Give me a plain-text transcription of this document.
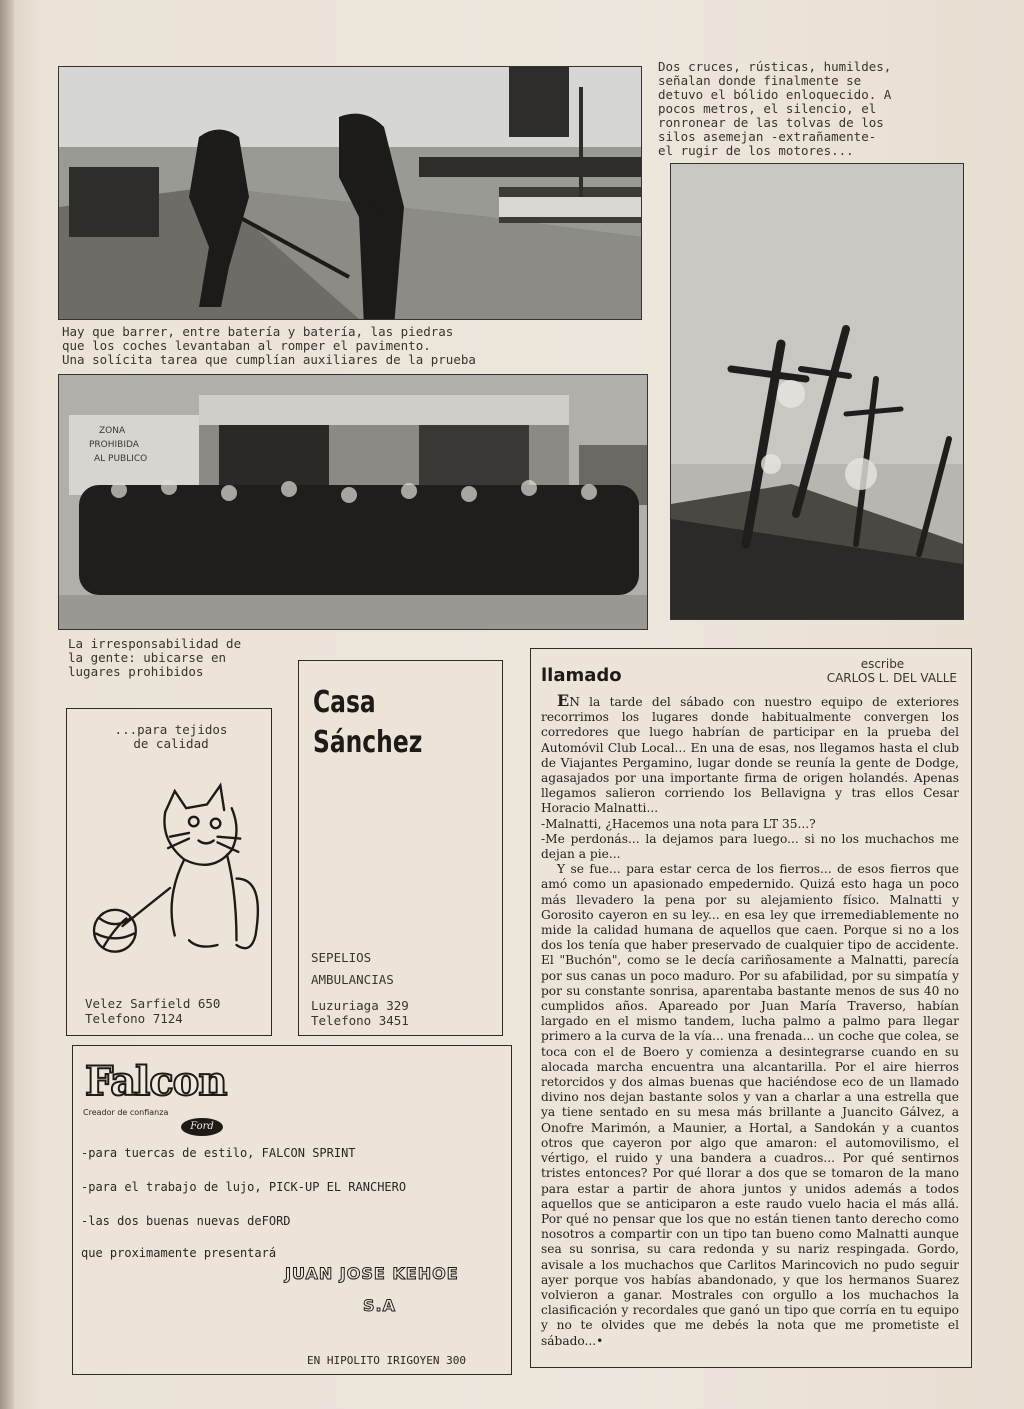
Dos cruces, rústicas, humildes,
señalan donde finalmente se
detuvo el bólido enloquecido. A
pocos metros, el silencio, el
ronronear de las tolvas de los
silos asemejan -extrañamente-
el rugir de los motores...

Hay que barrer, entre batería y batería, las piedras
que los coches levantaban al romper el pavimento.
Una solícita tarea que cumplían auxiliares de la prueba

ZONA
PROHIBIDA
AL PUBLICO

La irresponsabilidad de
la gente: ubicarse en
lugares prohibidos

...para tejidos
de calidad

Velez Sarfield 650

Telefono 7124

Casa
Sánchez

SEPELIOS
AMBULANCIAS

Luzuriaga 329

Telefono 3451

Falcon
Creador de confianza
Ford
-para tuercas de estilo, FALCON SPRINT
-para el trabajo de lujo, PICK-UP EL RANCHERO
-las dos buenas nuevas deFORD
que proximamente presentará
JUAN JOSE KEHOE
S.A
EN HIPOLITO IRIGOYEN 300
llamado
escribe
CARLOS L. DEL VALLE

EN la tarde del sábado con nuestro equipo de exteriores recorrimos los lugares donde habitualmente convergen los corredores que luego habrían de participar en la prueba del Automóvil Club Local... En una de esas, nos llegamos hasta el club de Viajantes Pergamino, lugar donde se reunía la gente de Dodge, agasajados por una importante firma de origen holandés. Apenas llegamos salieron corriendo los Bellavigna y tras ellos Cesar Horacio Malnatti...

-Malnatti, ¿Hacemos una nota para LT 35...?

-Me perdonás... la dejamos para luego... si no los muchachos me dejan a pie...

Y se fue... para estar cerca de los fierros... de esos fierros que amó como un apasionado empedernido. Quizá esto haga un poco más llevadero la pena por su alejamiento físico. Malnatti y Gorosito cayeron en su ley... en esa ley que irremediablemente no mide la calidad humana de aquellos que caen. Porque si no a los dos los tenía que haber preservado de cualquier tipo de accidente. El "Buchón", como se le decía cariñosamente a Malnatti, parecía por sus canas un poco maduro. Por su afabilidad, por su simpatía y por su constante sonrisa, aparentaba bastante menos de sus 40 no cumplidos años. Apareado por Juan María Traverso, habían largado en el mismo tandem, lucha palmo a palmo para llegar primero a la curva de la vía... una frenada... un coche que colea, se toca con el de Boero y comienza a desintegrarse cuando en su alocada marcha encuentra una alcantarilla. Por el aire hierros retorcidos y dos almas buenas que haciéndose eco de un llamado divino nos dejan bastante solos y van a charlar a una estrella que ya tiene sentado en su mesa más brillante a Juancito Gálvez, a Onofre Marimón, a Maunier, a Hortal, a Sandokán y a cuantos otros que cayeron por algo que amaron: el automovilismo, el vértigo, el ruido y una bandera a cuadros... Por qué sentirnos tristes entonces? Por qué llorar a dos que se tomaron de la mano para estar a partir de ahora juntos y unidos además a todos aquellos que se anticiparon a este raudo vuelo hacia el más allá. Por qué no pensar que los que no están tienen tanto derecho como nosotros a compartir con un tipo tan bueno como Malnatti aunque sea su sonrisa, su cara redonda y su nariz respingada. Gordo, avisale a los muchachos que Carlitos Marincovich no pudo seguir ayer porque vos habías abandonado, y que los hermanos Suarez volvieron a ganar. Mostrales con orgullo a los muchachos la clasificación y recordales que ganó un tipo que corría en tu equipo y no te olvides que me debés la nota que me prometiste el sábado...•
